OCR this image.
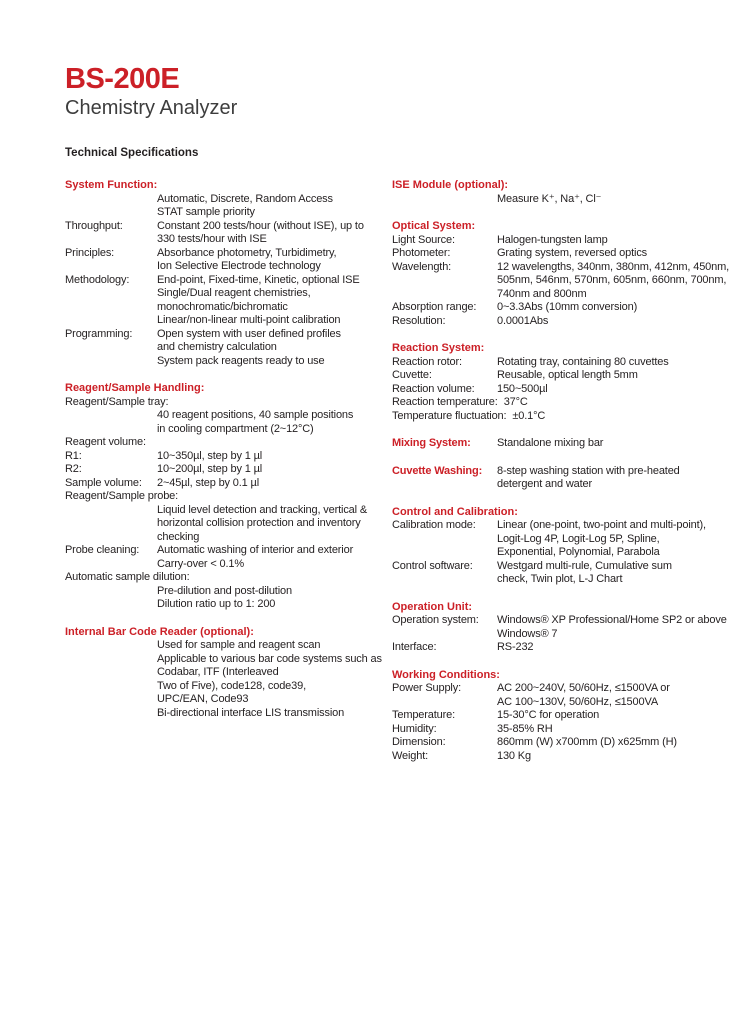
BS-200E
Chemistry Analyzer
Technical Specifications
System Function:
Automatic, Discrete, Random Access
STAT sample priority
Throughput:	Constant 200 tests/hour (without ISE), up to
330 tests/hour with ISE
Principles:	Absorbance photometry, Turbidimetry,
Ion Selective Electrode technology
Methodology:	End-point, Fixed-time, Kinetic, optional ISE
Single/Dual reagent chemistries,
monochromatic/bichromatic
Linear/non-linear multi-point calibration
Programming:	Open system with user defined profiles
and chemistry calculation
System pack reagents ready to use
Reagent/Sample Handling:
Reagent/Sample tray:
40 reagent positions, 40 sample positions
in cooling compartment (2~12°C)
Reagent volume:
R1:	10~350µl, step by 1 µl
R2:	10~200µl, step by 1 µl
Sample volume:	2~45µl, step by 0.1 µl
Reagent/Sample probe:
Liquid level detection and tracking, vertical &
horizontal collision protection and inventory
checking
Probe cleaning:	Automatic washing of interior and exterior
Carry-over < 0.1%
Automatic sample dilution:
Pre-dilution and post-dilution
Dilution ratio up to 1: 200
Internal Bar Code Reader (optional):
Used for sample and reagent scan
Applicable to various bar code systems such as
Codabar, ITF (Interleaved
Two of Five), code128, code39,
UPC/EAN, Code93
Bi-directional interface LIS transmission
ISE Module (optional):
Measure K⁺, Na⁺, Cl⁻
Optical System:
Light Source:	Halogen-tungsten lamp
Photometer:	Grating system, reversed optics
Wavelength:	12 wavelengths, 340nm, 380nm, 412nm, 450nm,
505nm, 546nm, 570nm, 605nm, 660nm, 700nm,
740nm and 800nm
Absorption range:	0~3.3Abs (10mm conversion)
Resolution:	0.0001Abs
Reaction System:
Reaction rotor:	Rotating tray, containing 80 cuvettes
Cuvette:	Reusable, optical length 5mm
Reaction volume:	150~500µl
Reaction temperature: 37°C
Temperature fluctuation: ±0.1°C
Mixing System:	Standalone mixing bar
Cuvette Washing:	8-step washing station with pre-heated
detergent and water
Control and Calibration:
Calibration mode:	Linear (one-point, two-point and multi-point),
Logit-Log 4P, Logit-Log 5P, Spline,
Exponential, Polynomial, Parabola
Control software:	Westgard multi-rule, Cumulative sum
check, Twin plot, L-J Chart
Operation Unit:
Operation system:	Windows® XP Professional/Home SP2 or above
Windows® 7
Interface:	RS-232
Working Conditions:
Power Supply:	AC 200~240V, 50/60Hz, ≤1500VA or
AC 100~130V, 50/60Hz, ≤1500VA
Temperature:	15-30°C for operation
Humidity:	35-85% RH
Dimension:	860mm (W) x700mm (D) x625mm (H)
Weight:	130 Kg
